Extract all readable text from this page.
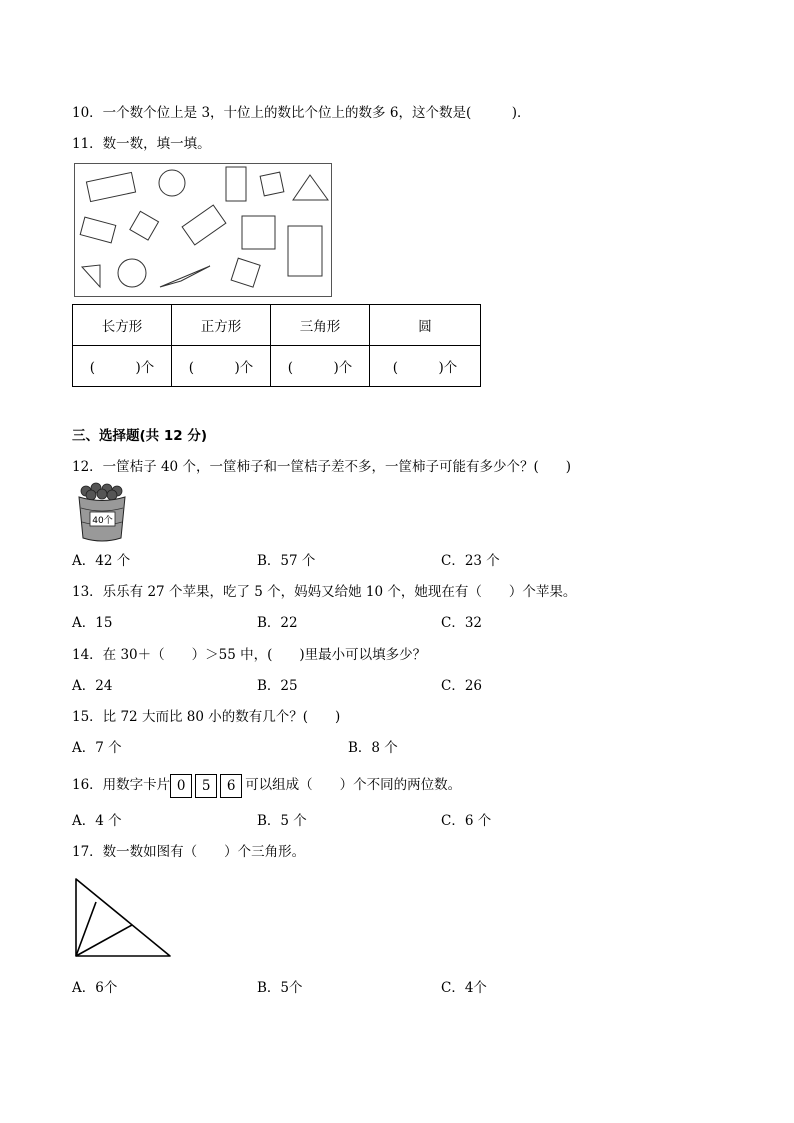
10．一个数个位上是 3，十位上的数比个位上的数多 6，这个数是(　　　)．
11．数一数，填一填。
长方形	正方形	三角形	圆
(　　　)个	(　　　)个	(　　　)个	(　　　)个
三、选择题(共 12 分)
12．一筐桔子 40 个，一筐柿子和一筐桔子差不多，一筐柿子可能有多少个？(　　)
40个
A．42 个	B．57 个	C．23 个
13．乐乐有 27 个苹果，吃了 5 个，妈妈又给她 10 个，她现在有（　　）个苹果。
A．15	B．22	C．32
14．在 30＋（　　）＞55 中，(　　)里最小可以填多少？
A．24	B．25	C．26
15．比 72 大而比 80 小的数有几个？(　　)
A．7 个	B．8 个
16．用数字卡片 0 5 6 可以组成（　　）个不同的两位数。
A．4 个	B．5 个	C．6 个
17．数一数如图有（　　）个三角形。
A．6个	B．5个	C．4个
